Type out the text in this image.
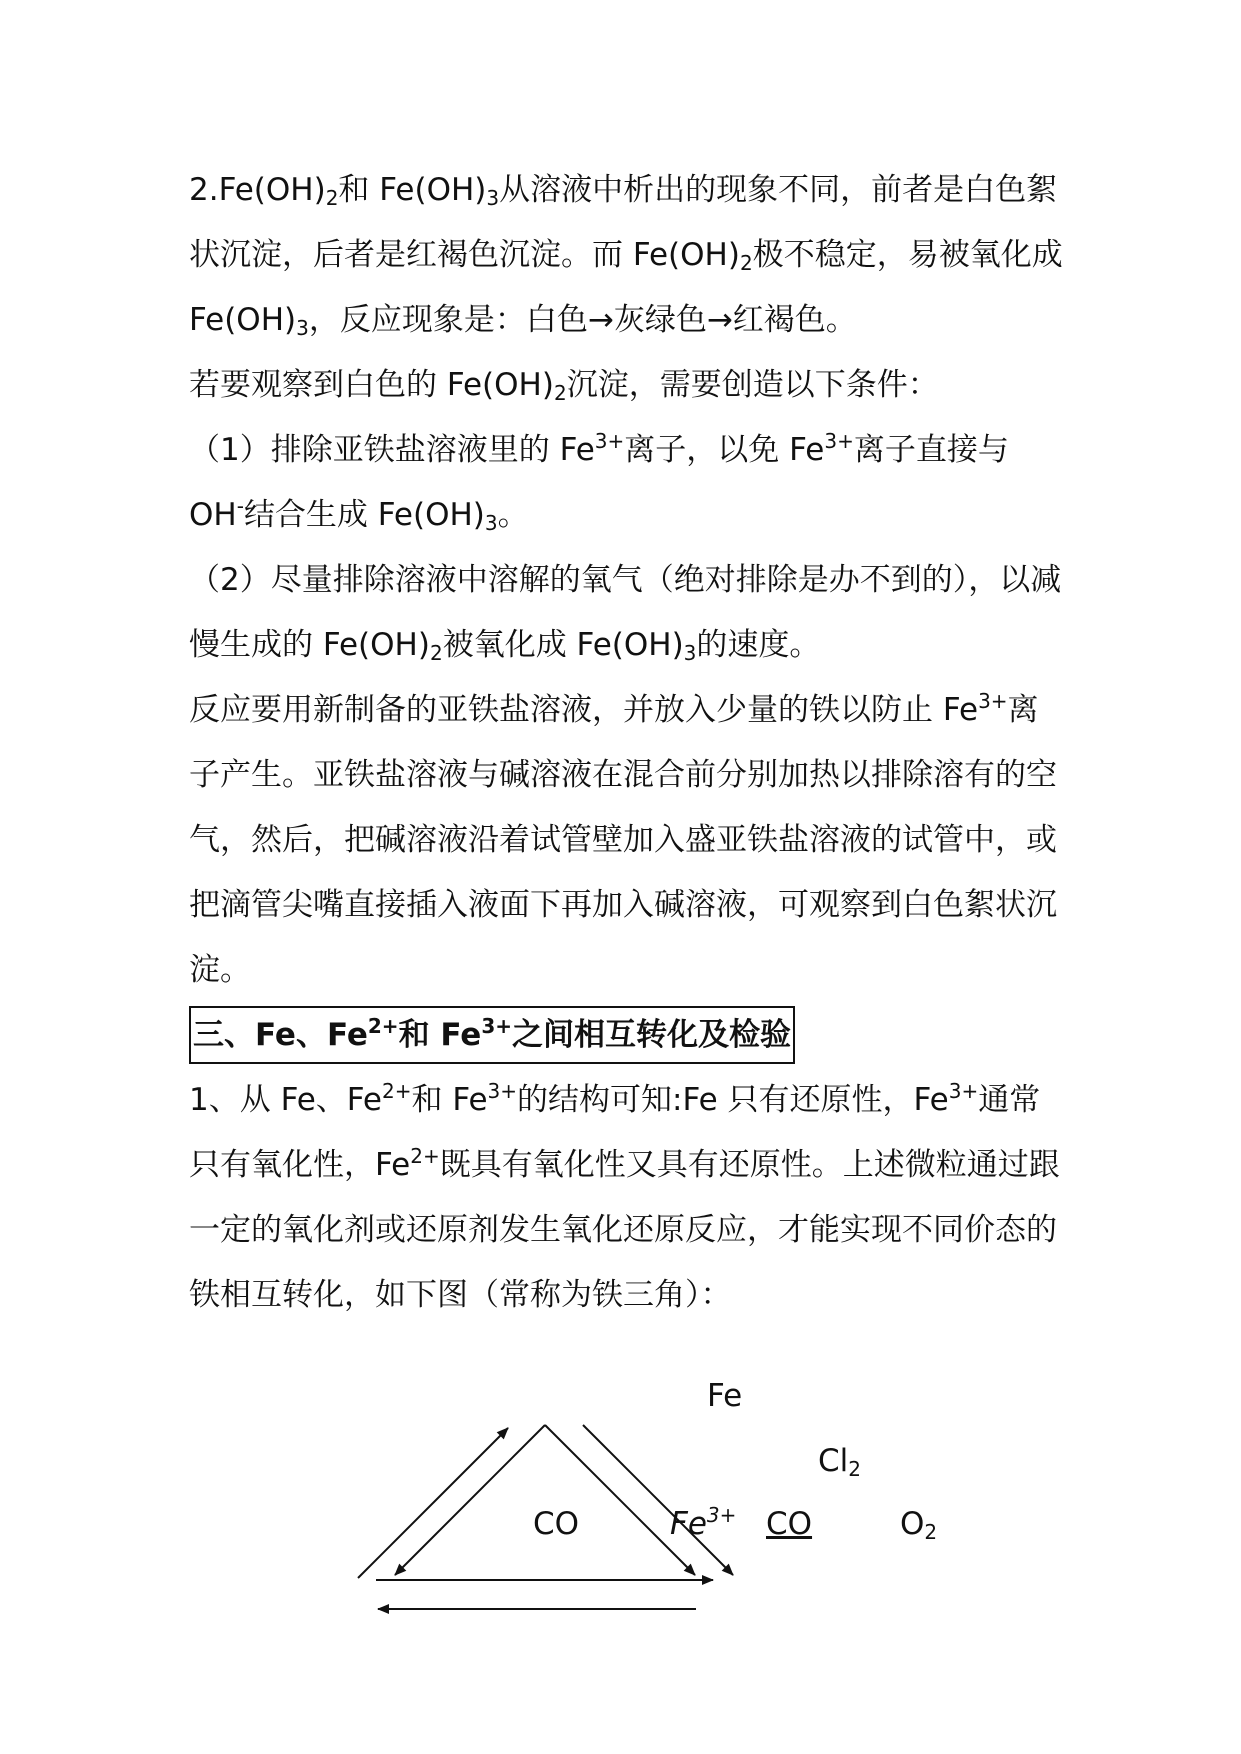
$2.Fe(OH)_2$和 $Fe(OH)_3$从溶液中析出的现象不同，前者是白色絮状沉淀，后者是红褐色沉淀。而 $Fe(OH)_2$极不稳定，易被氧化成 $Fe(OH)_3$，反应现象是：白色→灰绿色→红褐色。

若要观察到白色的 $Fe(OH)_2$沉淀，需要创造以下条件：

（1）排除亚铁盐溶液里的 $Fe^{3+}$离子，以免 $Fe^{3+}$离子直接与 OH-结合生成 $Fe(OH)_3$。

（2）尽量排除溶液中溶解的氧气（绝对排除是办不到的），以减慢生成的 $Fe(OH)_2$被氧化成 $Fe(OH)_3$的速度。

反应要用新制备的亚铁盐溶液，并放入少量的铁以防止 $Fe^{3+}$离子产生。亚铁盐溶液与碱溶液在混合前分别加热以排除溶有的空气，然后，把碱溶液沿着试管壁加入盛亚铁盐溶液的试管中，或把滴管尖嘴直接插入液面下再加入碱溶液，可观察到白色絮状沉淀。

三、Fe、$Fe^{2+}$和 $Fe^{3+}$之间相互转化及检验

1、从 Fe、$Fe^{2+}$和 $Fe^{3+}$的结构可知:Fe 只有还原性，$Fe^{3+}$通常只有氧化性，$Fe^{2+}$既具有氧化性又具有还原性。上述微粒通过跟一定的氧化剂或还原剂发生氧化还原反应，才能实现不同价态的铁相互转化，如下图（常称为铁三角）：

Fe
$Cl_2$
CO	$Fe^{3+}$ CO	$O_2$
